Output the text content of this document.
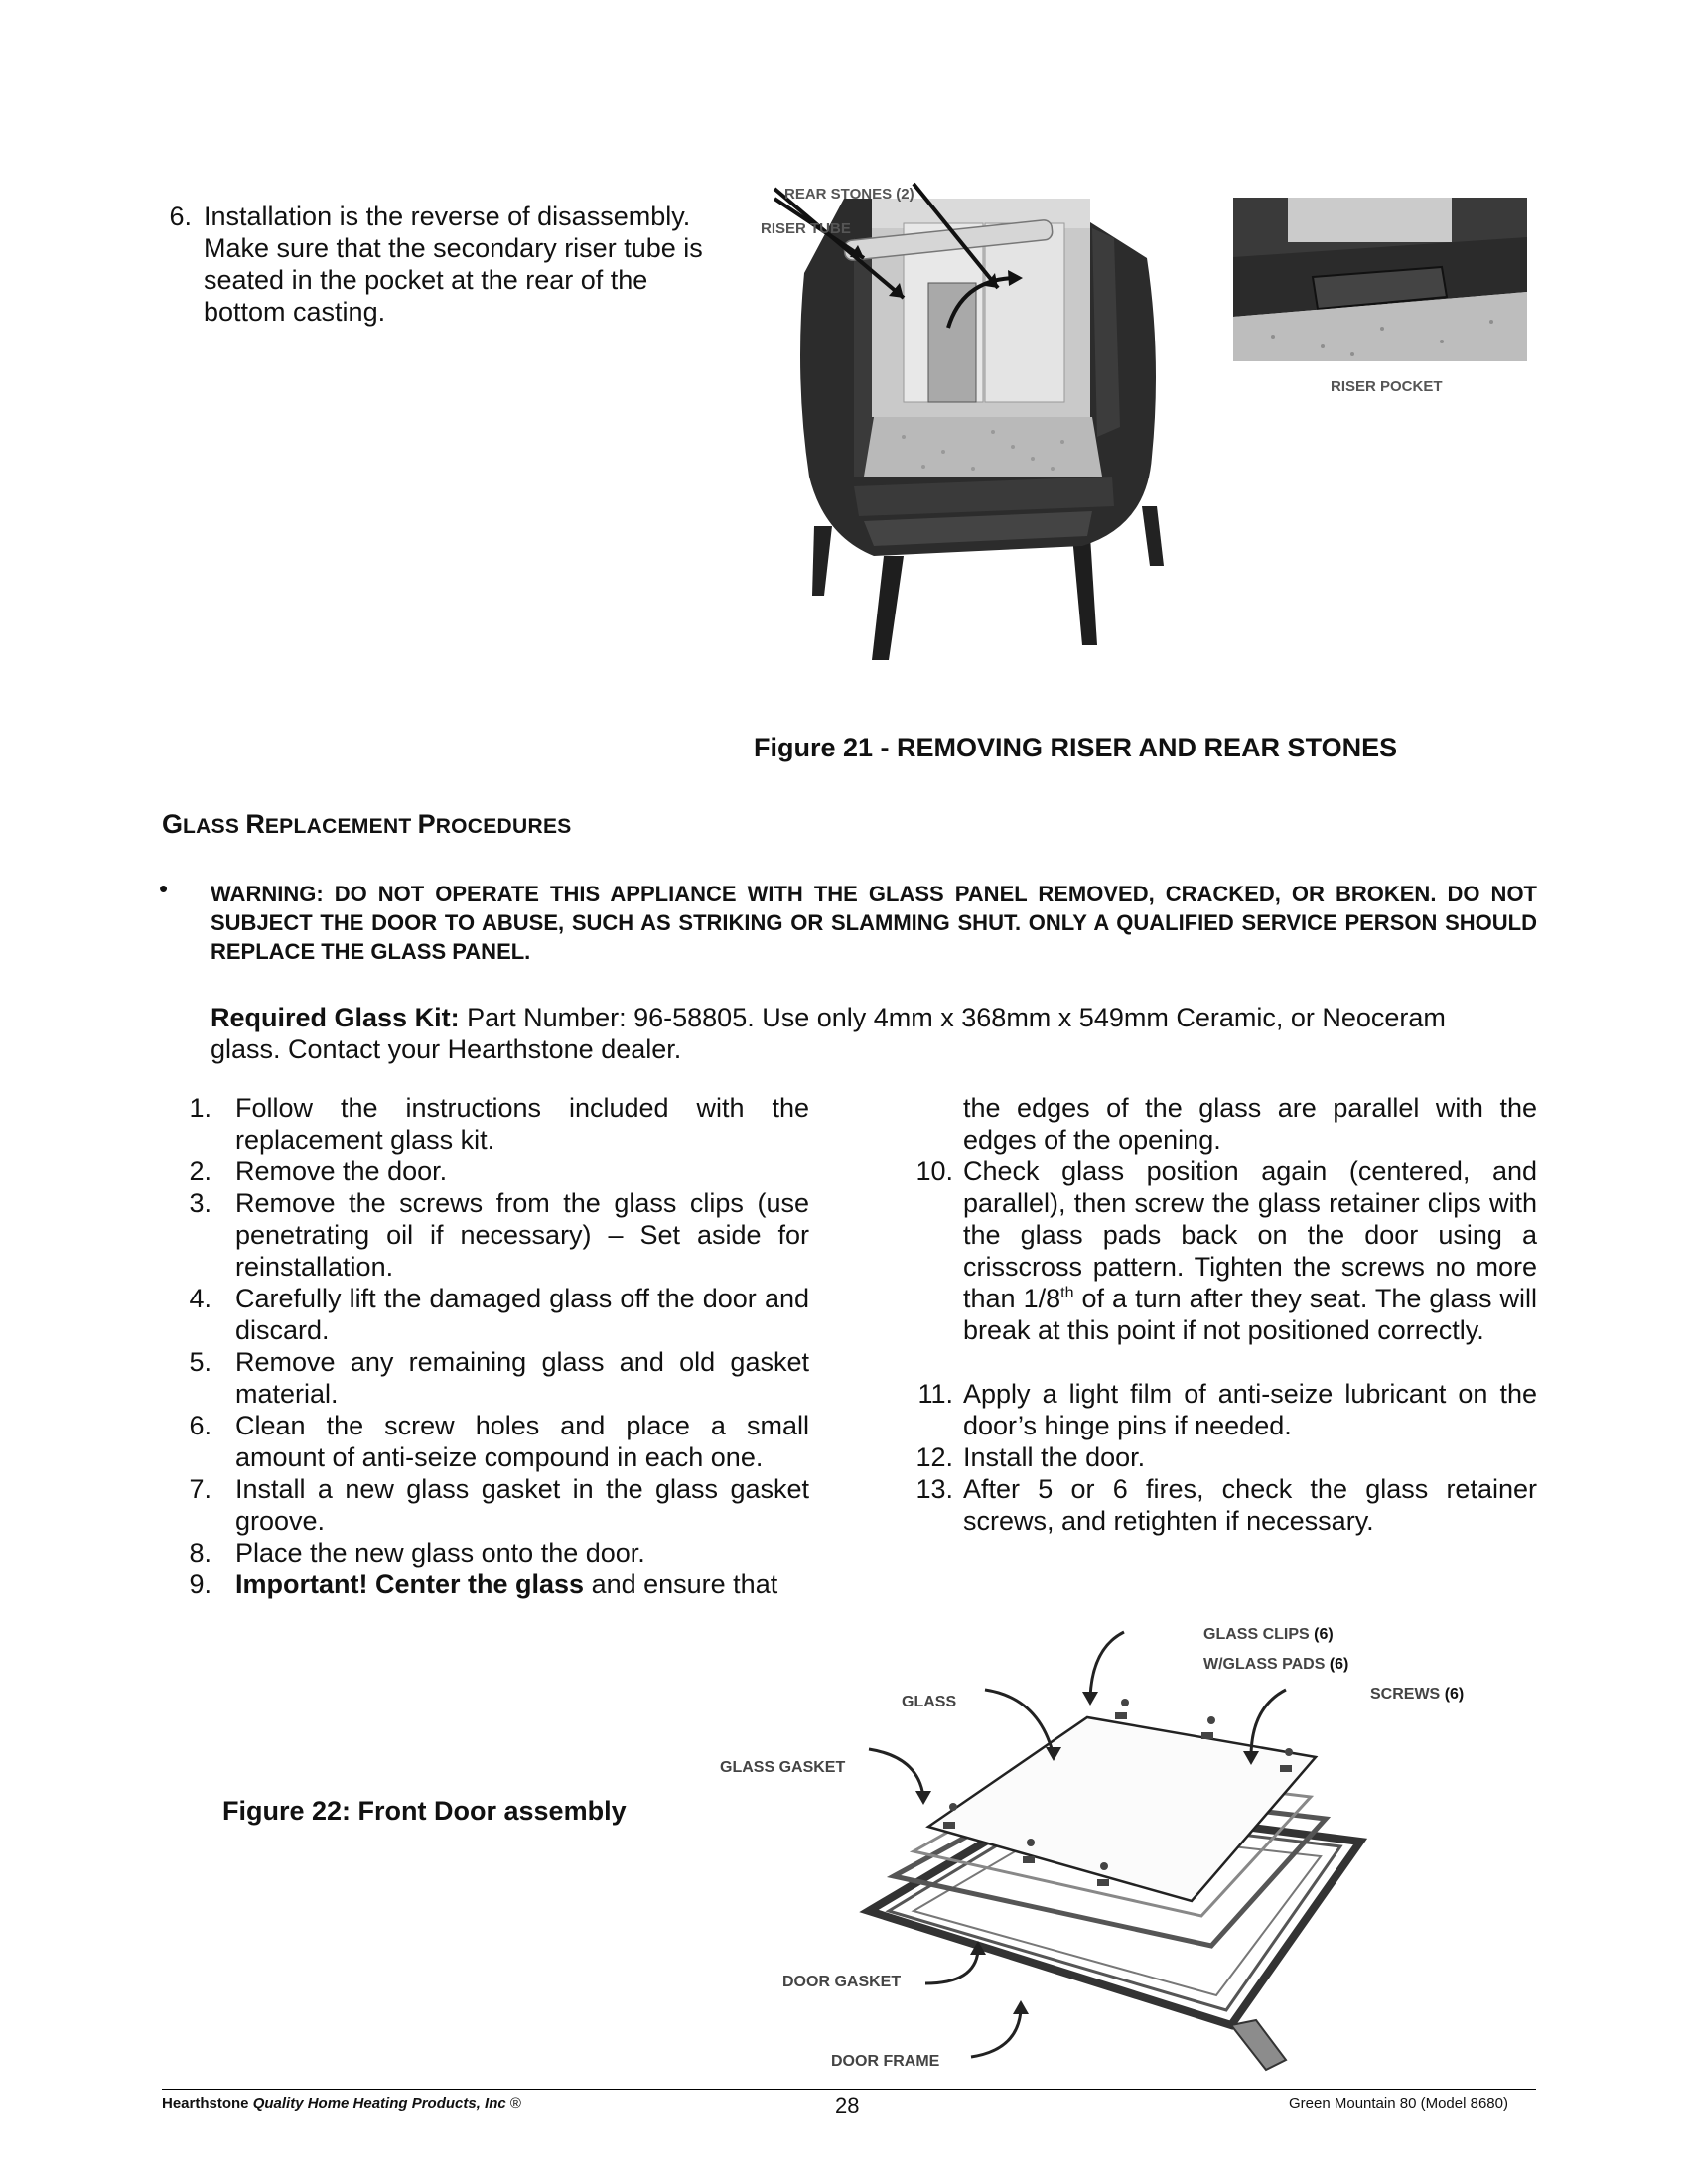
6. Installation is the reverse of disassembly. Make sure that the secondary riser tube is seated in the pocket at the rear of the bottom casting.
REAR STONES (2)
RISER TUBE
RISER POCKET
Figure 21 - REMOVING RISER AND REAR STONES
GLASS REPLACEMENT PROCEDURES
• WARNING: DO NOT OPERATE THIS APPLIANCE WITH THE GLASS PANEL REMOVED, CRACKED, OR BROKEN. DO NOT SUBJECT THE DOOR TO ABUSE, SUCH AS STRIKING OR SLAMMING SHUT. ONLY A QUALIFIED SERVICE PERSON SHOULD REPLACE THE GLASS PANEL.
Required Glass Kit: Part Number: 96-58805. Use only 4mm x 368mm x 549mm Ceramic, or Neoceram glass. Contact your Hearthstone dealer.
1. Follow the instructions included with the replacement glass kit.
2. Remove the door.
3. Remove the screws from the glass clips (use penetrating oil if necessary) – Set aside for reinstallation.
4. Carefully lift the damaged glass off the door and discard.
5. Remove any remaining glass and old gasket material.
6. Clean the screw holes and place a small amount of anti-seize compound in each one.
7. Install a new glass gasket in the glass gasket groove.
8. Place the new glass onto the door.
9. Important! Center the glass and ensure that
the edges of the glass are parallel with the edges of the opening.
10. Check glass position again (centered, and parallel), then screw the glass retainer clips with the glass pads back on the door using a crisscross pattern. Tighten the screws no more than 1/8th of a turn after they seat. The glass will break at this point if not positioned correctly.
11. Apply a light film of anti-seize lubricant on the door’s hinge pins if needed.
12. Install the door.
13. After 5 or 6 fires, check the glass retainer screws, and retighten if necessary.
Figure 22: Front Door assembly
GLASS CLIPS (6)
W/GLASS PADS (6)
SCREWS (6)
GLASS
GLASS GASKET
DOOR GASKET
DOOR FRAME
Hearthstone Quality Home Heating Products, Inc ®	28	Green Mountain 80 (Model 8680)
